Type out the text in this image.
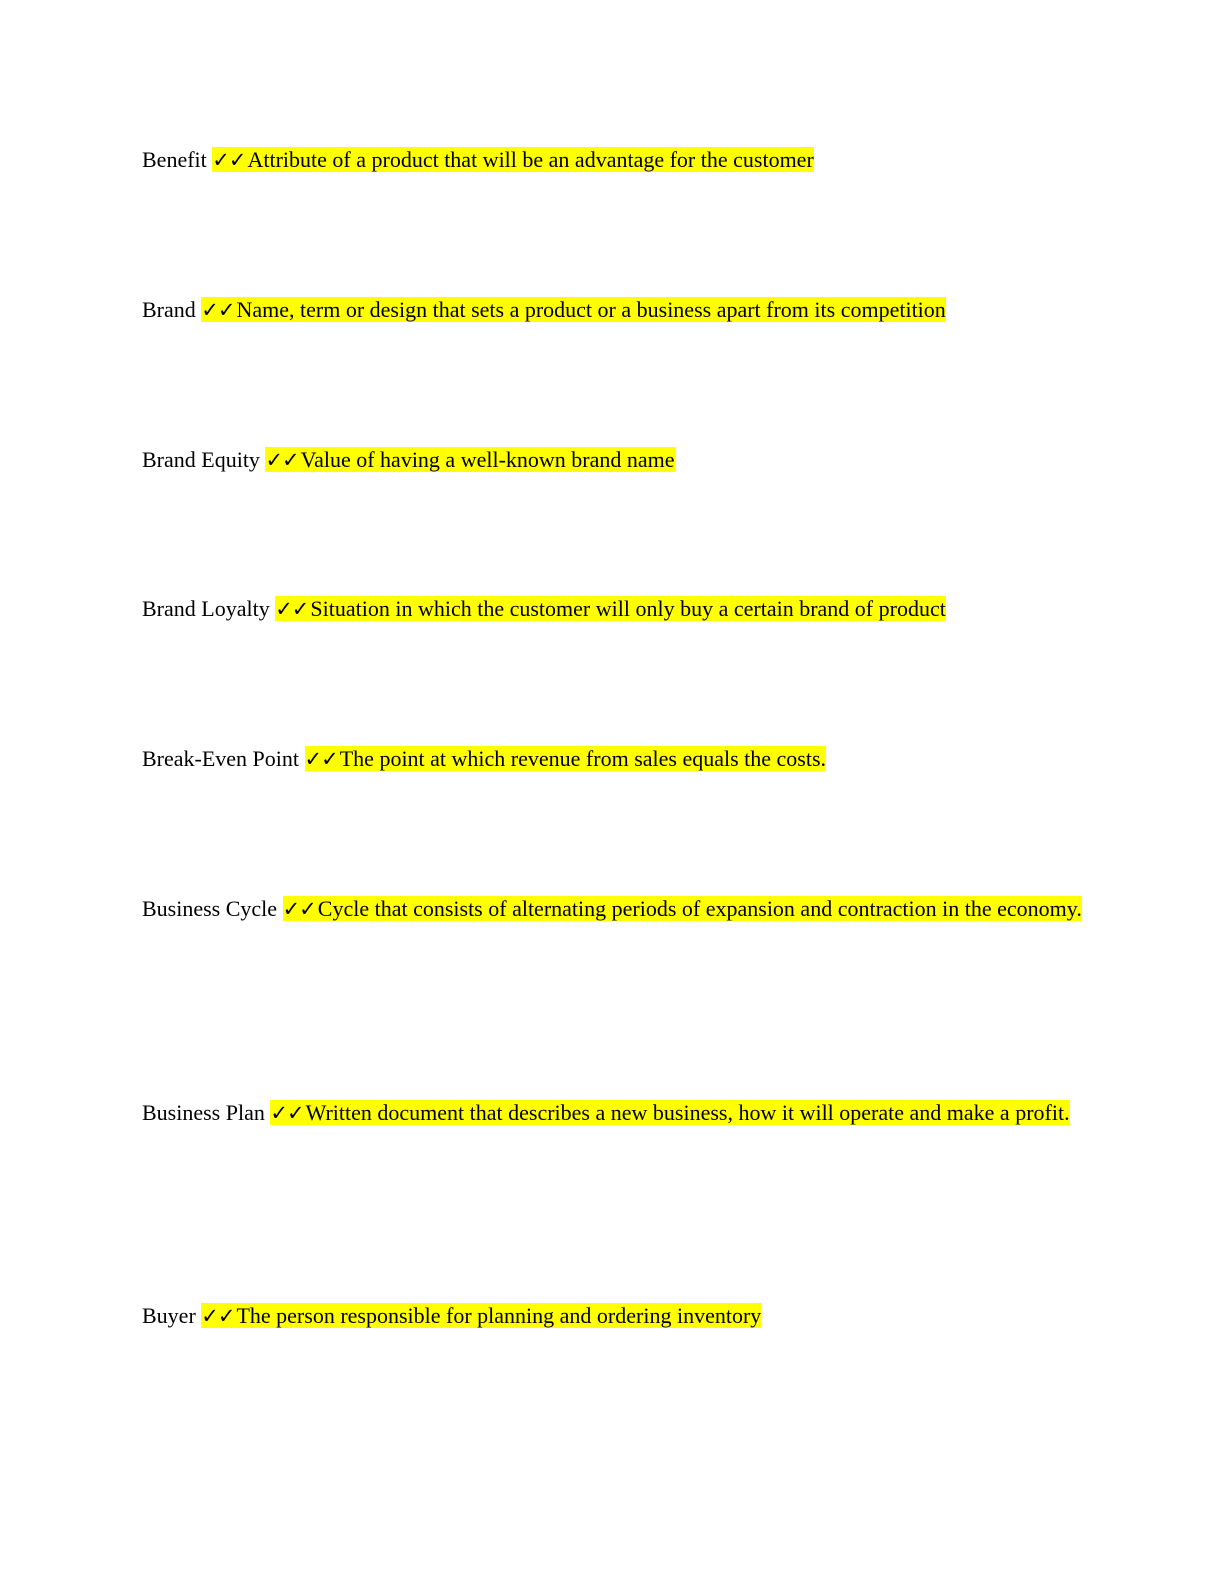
Benefit ✓✓Attribute of a product that will be an advantage for the customer

Brand ✓✓Name, term or design that sets a product or a business apart from its competition

Brand Equity ✓✓Value of having a well-known brand name

Brand Loyalty ✓✓Situation in which the customer will only buy a certain brand of product

Break-Even Point ✓✓The point at which revenue from sales equals the costs.

Business Cycle ✓✓Cycle that consists of alternating periods of expansion and contraction in the economy.

Business Plan ✓✓Written document that describes a new business, how it will operate and make a profit.

Buyer ✓✓The person responsible for planning and ordering inventory
